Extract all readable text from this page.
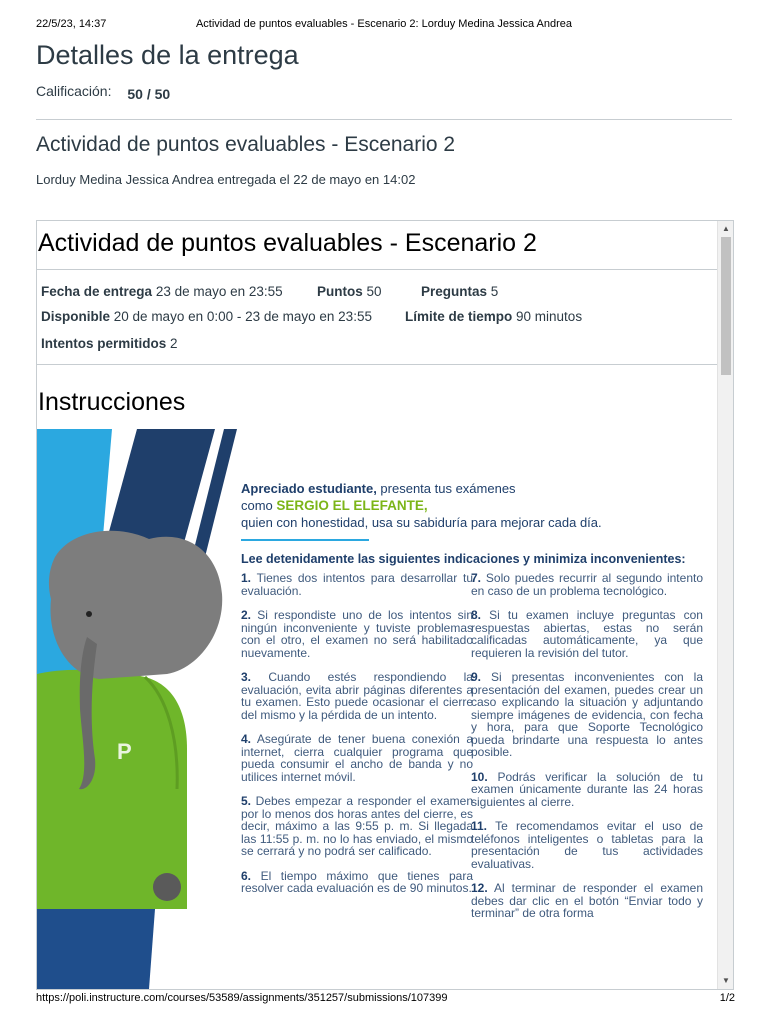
22/5/23, 14:37	Actividad de puntos evaluables - Escenario 2: Lorduy Medina Jessica Andrea
Detalles de la entrega
Calificación: 50 / 50
Actividad de puntos evaluables - Escenario 2
Lorduy Medina Jessica Andrea entregada el 22 de mayo en 14:02
Actividad de puntos evaluables - Escenario 2
Fecha de entrega 23 de mayo en 23:55	Puntos 50	Preguntas 5
Disponible 20 de mayo en 0:00 - 23 de mayo en 23:55 Límite de tiempo 90 minutos
Intentos permitidos 2
Instrucciones
P
Apreciado estudiante, presenta tus exámenes
como SERGIO EL ELEFANTE,
quien con honestidad, usa su sabiduría para mejorar cada día.
Lee detenidamente las siguientes indicaciones y minimiza inconvenientes:
1. Tienes dos intentos para desarrollar tu evaluación.
2. Si respondiste uno de los intentos sin ningún inconveniente y tuviste problemas con el otro, el examen no será habilitado nuevamente.
3. Cuando estés respondiendo la evaluación, evita abrir páginas diferentes a tu examen. Esto puede ocasionar el cierre del mismo y la pérdida de un intento.
4. Asegúrate de tener buena conexión a internet, cierra cualquier programa que pueda consumir el ancho de banda y no utilices internet móvil.
5. Debes empezar a responder el examen por lo menos dos horas antes del cierre, es decir, máximo a las 9:55 p. m. Si llegada las 11:55 p. m. no lo has enviado, el mismo se cerrará y no podrá ser calificado.
6. El tiempo máximo que tienes para resolver cada evaluación es de 90 minutos.
7. Solo puedes recurrir al segundo intento en caso de un problema tecnológico.
8. Si tu examen incluye preguntas con respuestas abiertas, estas no serán calificadas automáticamente, ya que requieren la revisión del tutor.
9. Si presentas inconvenientes con la presentación del examen, puedes crear un caso explicando la situación y adjuntando siempre imágenes de evidencia, con fecha y hora, para que Soporte Tecnológico pueda brindarte una respuesta lo antes posible.
10. Podrás verificar la solución de tu examen únicamente durante las 24 horas siguientes al cierre.
11. Te recomendamos evitar el uso de teléfonos inteligentes o tabletas para la presentación de tus actividades evaluativas.
12. Al terminar de responder el examen debes dar clic en el botón “Enviar todo y terminar” de otra forma
▲
▼
https://poli.instructure.com/courses/53589/assignments/351257/submissions/107399	1/2
